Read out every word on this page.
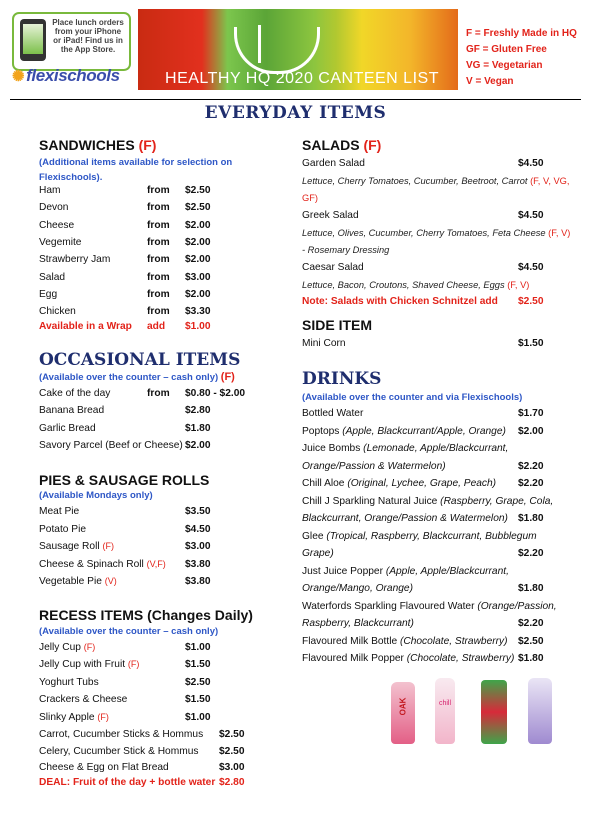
Place lunch orders from your iPhone or iPad! Find us in the App Store.
✺ flexischools	HEALTHY HQ 2020 CANTEEN LIST
F = Freshly Made in HQ
GF = Gluten Free
VG = Vegetarian
V = Vegan
EVERYDAY ITEMS
SANDWICHES (F)
(Additional items available for selection on Flexischools).
Ham	from $2.50
Devon	from $2.50
Cheese	from $2.00
Vegemite	from $2.00
Strawberry Jam	from $2.00
Salad	from $3.00
Egg	from $2.00
Chicken	from $3.30
Available in a Wrap add $1.00
OCCASIONAL ITEMS
(Available over the counter – cash only) (F)
Cake of the day	from $0.80 - $2.00
Banana Bread	$2.80
Garlic Bread	$1.80
Savory Parcel (Beef or Cheese) $2.00
PIES & SAUSAGE ROLLS
(Available Mondays only)
Meat Pie	$3.50
Potato Pie	$4.50
Sausage Roll (F)	$3.00
Cheese & Spinach Roll (V,F) $3.80
Vegetable Pie (V)	$3.80
RECESS ITEMS (Changes Daily)
(Available over the counter – cash only)
Jelly Cup (F)	$1.00
Jelly Cup with Fruit (F)	$1.50
Yoghurt Tubs	$2.50
Crackers & Cheese	$1.50
Slinky Apple (F)	$1.00
Carrot, Cucumber Sticks & Hommus $2.50
Celery, Cucumber Stick & Hommus $2.50
Cheese & Egg on Flat Bread	$3.00
DEAL: Fruit of the day + bottle water $2.80
SALADS (F)
Garden Salad	$4.50
Lettuce, Cherry Tomatoes, Cucumber, Beetroot, Carrot (F, V, VG,
GF)
Greek Salad	$4.50
Lettuce, Olives, Cucumber, Cherry Tomatoes, Feta Cheese (F, V)
- Rosemary Dressing
Caesar Salad	$4.50
Lettuce, Bacon, Croutons, Shaved Cheese, Eggs (F, V)
Note: Salads with Chicken Schnitzel add $2.50
SIDE ITEM
Mini Corn	$1.50
DRINKS
(Available over the counter and via Flexischools)
Bottled Water	$1.70
Poptops (Apple, Blackcurrant/Apple, Orange) $2.00
Juice Bombs (Lemonade, Apple/Blackcurrant,
Orange/Passion & Watermelon)	$2.20
Chill Aloe (Original, Lychee, Grape, Peach) $2.20
Chill J Sparkling Natural Juice (Raspberry, Grape, Cola,
Blackcurrant, Orange/Passion & Watermelon) $1.80
Glee (Tropical, Raspberry, Blackcurrant, Bubblegum
Grape)	$2.20
Just Juice Popper (Apple, Apple/Blackcurrant,
Orange/Mango, Orange)	$1.80
Waterfords Sparkling Flavoured Water (Orange/Passion,
Raspberry, Blackcurrant)	$2.20
Flavoured Milk Bottle (Chocolate, Strawberry) $2.50
Flavoured Milk Popper (Chocolate, Strawberry) $1.80
OAK	chill
